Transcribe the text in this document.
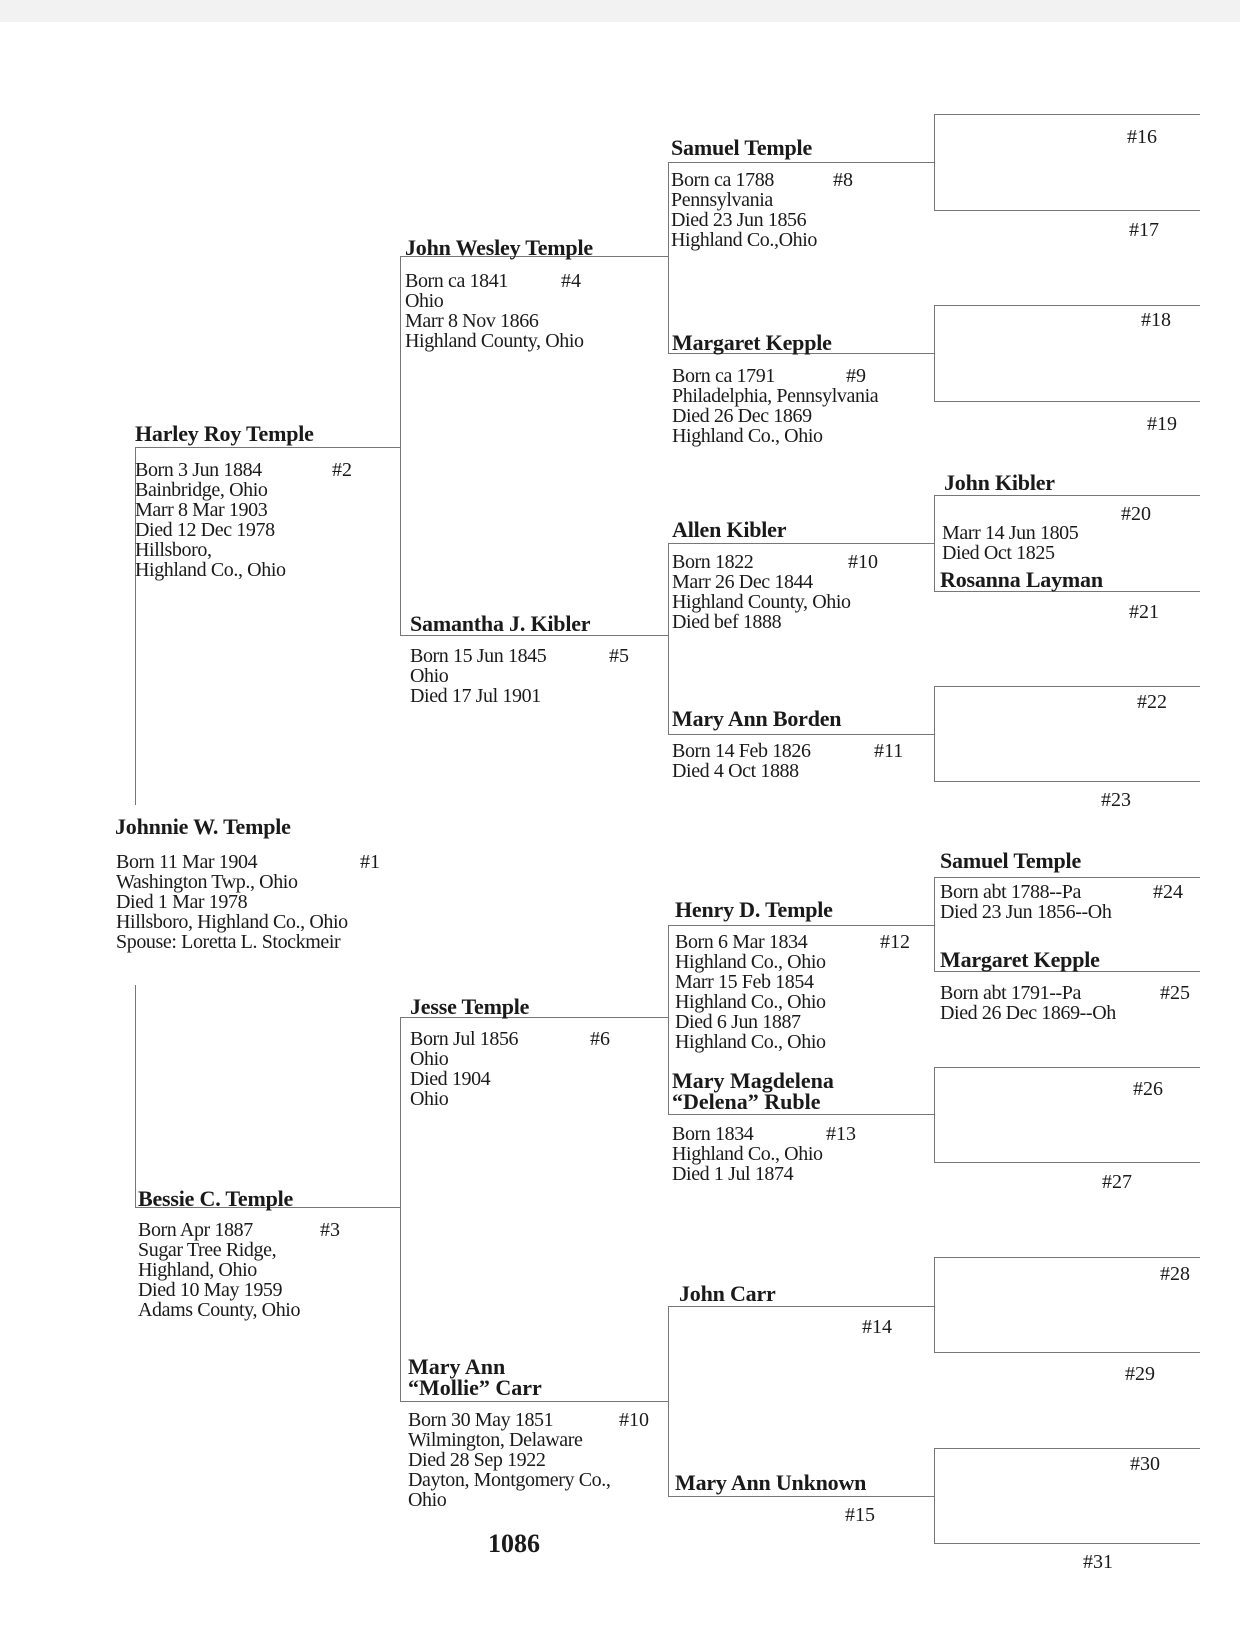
Johnnie W. Temple
#1
Born 11 Mar 1904
Washington Twp., Ohio
Died 1 Mar 1978
Hillsboro, Highland Co., Ohio
Spouse: Loretta L. Stockmeir
Harley Roy Temple
#2
Born 3 Jun 1884
Bainbridge, Ohio
Marr 8 Mar 1903
Died 12 Dec 1978
Hillsboro,
Highland Co., Ohio
Bessie C. Temple
#3
Born Apr 1887
Sugar Tree Ridge,
Highland, Ohio
Died 10 May 1959
Adams County, Ohio
John Wesley Temple
#4
Born ca 1841
Ohio
Marr 8 Nov 1866
Highland County, Ohio
Samantha J. Kibler
#5
Born 15 Jun 1845
Ohio
Died 17 Jul 1901
Jesse Temple
#6
Born Jul 1856
Ohio
Died 1904
Ohio
Mary Ann
“Mollie” Carr
#10
Born 30 May 1851
Wilmington, Delaware
Died 28 Sep 1922
Dayton, Montgomery Co.,
Ohio
Samuel Temple
#8
Born ca 1788
Pennsylvania
Died 23 Jun 1856
Highland Co.,Ohio
Margaret Kepple
#9
Born ca 1791
Philadelphia, Pennsylvania
Died 26 Dec 1869
Highland Co., Ohio
Allen Kibler
#10
Born 1822
Marr 26 Dec 1844
Highland County, Ohio
Died bef 1888
Mary Ann Borden
#11
Born 14 Feb 1826
Died 4 Oct 1888
Henry D. Temple
#12
Born 6 Mar 1834
Highland Co., Ohio
Marr 15 Feb 1854
Highland Co., Ohio
Died 6 Jun 1887
Highland Co., Ohio
Mary Magdelena
“Delena” Ruble
#13
Born 1834
Highland Co., Ohio
Died 1 Jul 1874
John Carr
#14
Mary Ann Unknown
#15
#16
#17
#18
#19
John Kibler
#20
Marr 14 Jun 1805
Died Oct 1825
Rosanna Layman
#21
#22
#23
Samuel Temple
#24
Born abt 1788--Pa
Died 23 Jun 1856--Oh
Margaret Kepple
#25
Born abt 1791--Pa
Died 26 Dec 1869--Oh
#26
#27
#28
#29
#30
#31
1086
